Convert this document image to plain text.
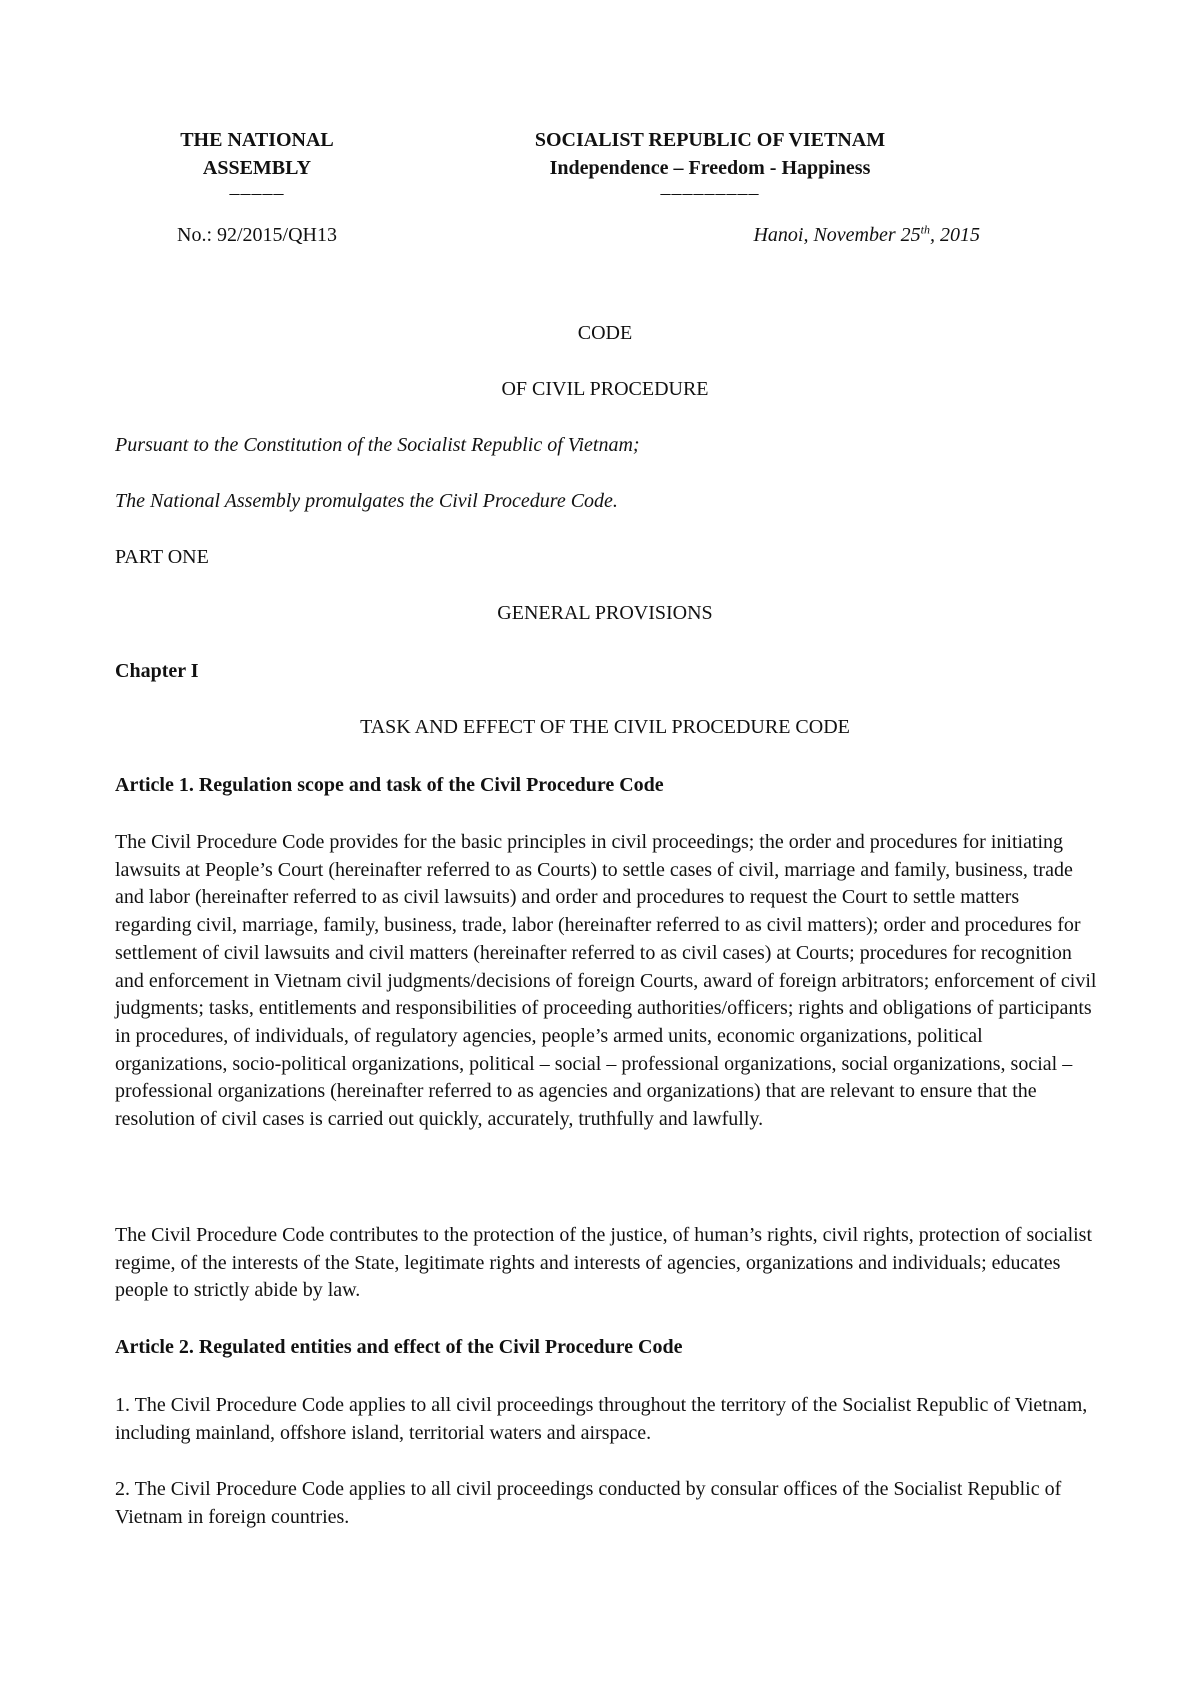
THE NATIONAL
ASSEMBLY
–––––
SOCIALIST REPUBLIC OF VIETNAM
Independence – Freedom - Happiness
–––––––––
No.: 92/2015/QH13	Hanoi, November 25th, 2015
CODE
OF CIVIL PROCEDURE
Pursuant to the Constitution of the Socialist Republic of Vietnam;
The National Assembly promulgates the Civil Procedure Code.
PART ONE
GENERAL PROVISIONS
Chapter I
TASK AND EFFECT OF THE CIVIL PROCEDURE CODE
Article 1. Regulation scope and task of the Civil Procedure Code

The Civil Procedure Code provides for the basic principles in civil proceedings; the order and procedures for initiating lawsuits at People’s Court (hereinafter referred to as Courts) to settle cases of civil, marriage and family, business, trade and labor (hereinafter referred to as civil lawsuits) and order and procedures to request the Court to settle matters regarding civil, marriage, family, business, trade, labor (hereinafter referred to as civil matters); order and procedures for settlement of civil lawsuits and civil matters (hereinafter referred to as civil cases) at Courts; procedures for recognition and enforcement in Vietnam civil judgments/decisions of foreign Courts, award of foreign arbitrators; enforcement of civil judgments; tasks, entitlements and responsibilities of proceeding authorities/officers; rights and obligations of participants in procedures, of individuals, of regulatory agencies, people’s armed units, economic organizations, political organizations, socio-political organizations, political – social – professional organizations, social organizations, social – professional organizations (hereinafter referred to as agencies and organizations) that are relevant to ensure that the resolution of civil cases is carried out quickly, accurately, truthfully and lawfully.

The Civil Procedure Code contributes to the protection of the justice, of human’s rights, civil rights, protection of socialist regime, of the interests of the State, legitimate rights and interests of agencies, organizations and individuals; educates people to strictly abide by law.

Article 2. Regulated entities and effect of the Civil Procedure Code

1. The Civil Procedure Code applies to all civil proceedings throughout the territory of the Socialist Republic of Vietnam, including mainland, offshore island, territorial waters and airspace.

2. The Civil Procedure Code applies to all civil proceedings conducted by consular offices of the Socialist Republic of Vietnam in foreign countries.
